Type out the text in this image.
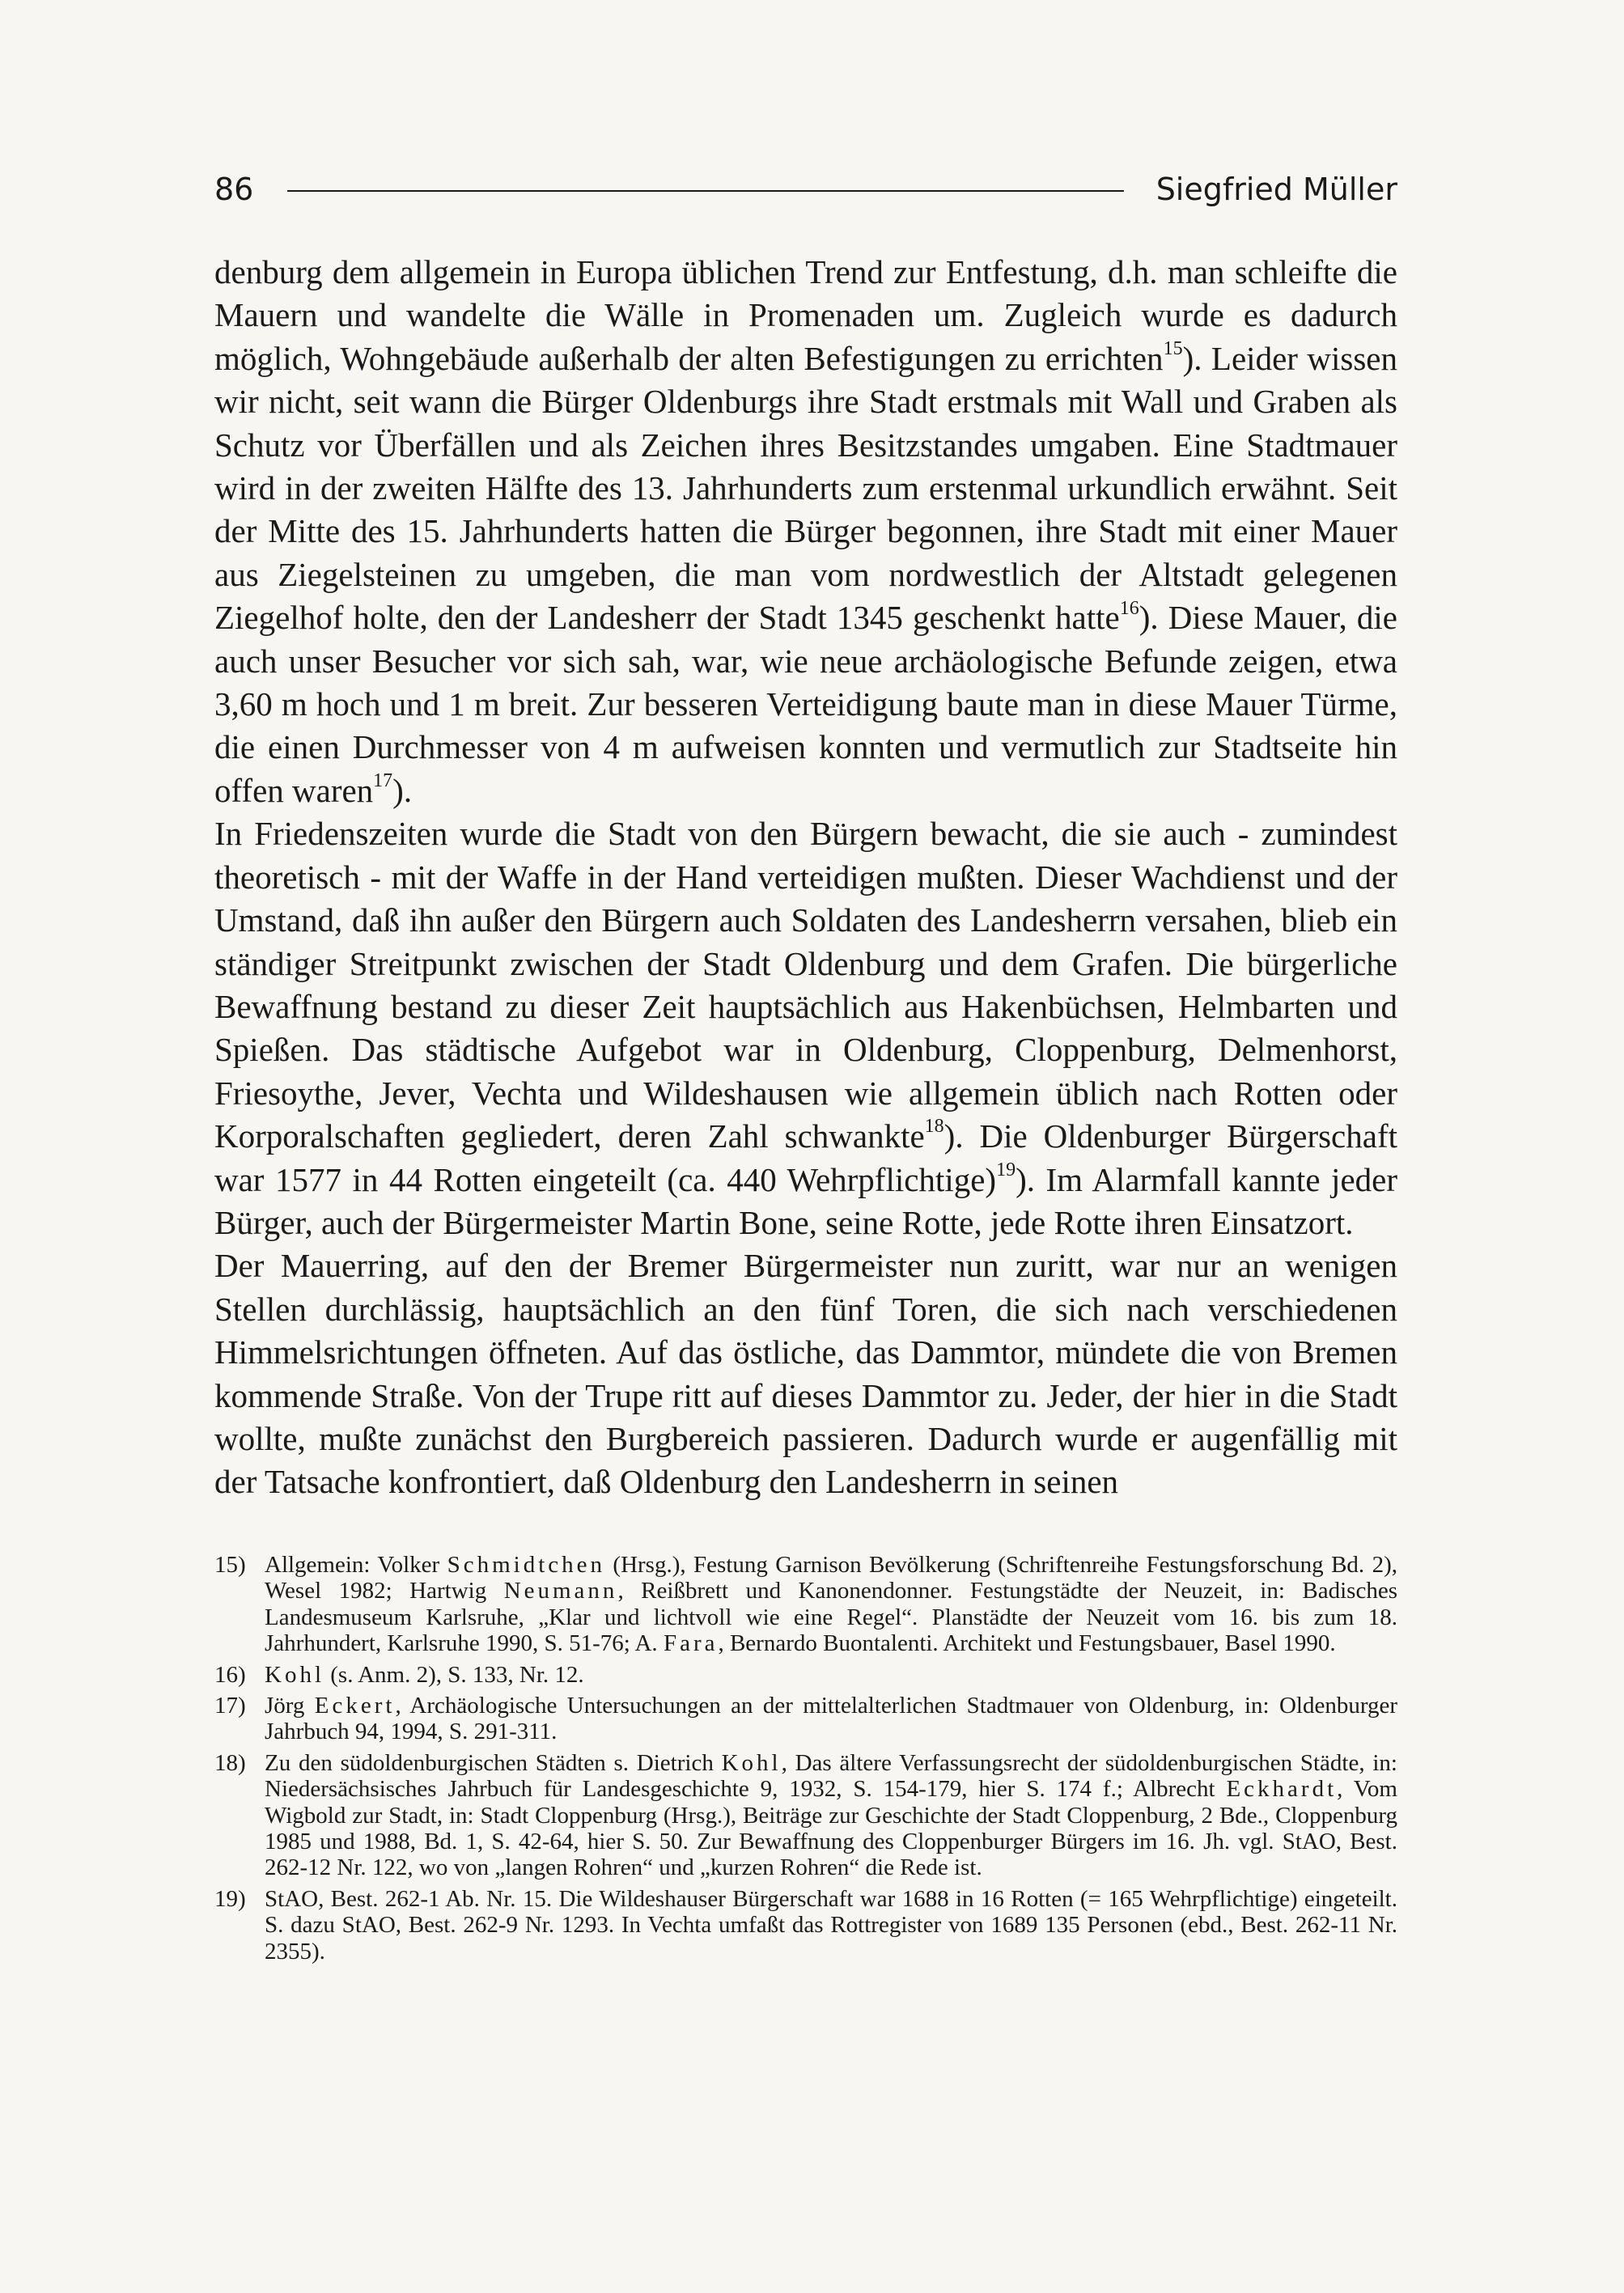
86	Siegfried Müller

denburg dem allgemein in Europa üblichen Trend zur Entfestung, d.h. man schleifte die Mauern und wandelte die Wälle in Promenaden um. Zugleich wurde es dadurch möglich, Wohngebäude außerhalb der alten Befestigungen zu errichten$^{15}$). Leider wissen wir nicht, seit wann die Bürger Oldenburgs ihre Stadt erstmals mit Wall und Graben als Schutz vor Überfällen und als Zeichen ihres Besitzstandes umgaben. Eine Stadtmauer wird in der zweiten Hälfte des 13. Jahrhunderts zum erstenmal urkundlich erwähnt. Seit der Mitte des 15. Jahrhunderts hatten die Bürger begonnen, ihre Stadt mit einer Mauer aus Ziegelsteinen zu umgeben, die man vom nordwestlich der Altstadt gelegenen Ziegelhof holte, den der Landesherr der Stadt 1345 geschenkt hatte$^{16}$). Diese Mauer, die auch unser Besucher vor sich sah, war, wie neue archäologische Befunde zeigen, etwa 3,60 m hoch und 1 m breit. Zur besseren Verteidigung baute man in diese Mauer Türme, die einen Durchmesser von 4 m aufweisen konnten und vermutlich zur Stadtseite hin offen waren$^{17}$).

In Friedenszeiten wurde die Stadt von den Bürgern bewacht, die sie auch - zumindest theoretisch - mit der Waffe in der Hand verteidigen mußten. Dieser Wachdienst und der Umstand, daß ihn außer den Bürgern auch Soldaten des Landesherrn versahen, blieb ein ständiger Streitpunkt zwischen der Stadt Oldenburg und dem Grafen. Die bürgerliche Bewaffnung bestand zu dieser Zeit hauptsächlich aus Hakenbüchsen, Helmbarten und Spießen. Das städtische Aufgebot war in Oldenburg, Cloppenburg, Delmenhorst, Friesoythe, Jever, Vechta und Wildeshausen wie allgemein üblich nach Rotten oder Korporalschaften gegliedert, deren Zahl schwankte$^{18}$). Die Oldenburger Bürgerschaft war 1577 in 44 Rotten eingeteilt (ca. 440 Wehrpflichtige)$^{19}$). Im Alarmfall kannte jeder Bürger, auch der Bürgermeister Martin Bone, seine Rotte, jede Rotte ihren Einsatzort.

Der Mauerring, auf den der Bremer Bürgermeister nun zuritt, war nur an wenigen Stellen durchlässig, hauptsächlich an den fünf Toren, die sich nach verschiedenen Himmelsrichtungen öffneten. Auf das östliche, das Dammtor, mündete die von Bremen kommende Straße. Von der Trupe ritt auf dieses Dammtor zu. Jeder, der hier in die Stadt wollte, mußte zunächst den Burgbereich passieren. Dadurch wurde er augenfällig mit der Tatsache konfrontiert, daß Oldenburg den Landesherrn in seinen

15) Allgemein: Volker Schmidtchen (Hrsg.), Festung Garnison Bevölkerung (Schriftenreihe Festungsforschung Bd. 2), Wesel 1982; Hartwig Neumann, Reißbrett und Kanonendonner. Festungstädte der Neuzeit, in: Badisches Landesmuseum Karlsruhe, „Klar und lichtvoll wie eine Regel“. Planstädte der Neuzeit vom 16. bis zum 18. Jahrhundert, Karlsruhe 1990, S. 51-76; A. Fara, Bernardo Buontalenti. Architekt und Festungsbauer, Basel 1990.
16) Kohl (s. Anm. 2), S. 133, Nr. 12.
17) Jörg Eckert, Archäologische Untersuchungen an der mittelalterlichen Stadtmauer von Oldenburg, in: Oldenburger Jahrbuch 94, 1994, S. 291-311.
18) Zu den südoldenburgischen Städten s. Dietrich Kohl, Das ältere Verfassungsrecht der südoldenburgischen Städte, in: Niedersächsisches Jahrbuch für Landesgeschichte 9, 1932, S. 154-179, hier S. 174 f.; Albrecht Eckhardt, Vom Wigbold zur Stadt, in: Stadt Cloppenburg (Hrsg.), Beiträge zur Geschichte der Stadt Cloppenburg, 2 Bde., Cloppenburg 1985 und 1988, Bd. 1, S. 42-64, hier S. 50. Zur Bewaffnung des Cloppenburger Bürgers im 16. Jh. vgl. StAO, Best. 262-12 Nr. 122, wo von „langen Rohren“ und „kurzen Rohren“ die Rede ist.
19) StAO, Best. 262-1 Ab. Nr. 15. Die Wildeshauser Bürgerschaft war 1688 in 16 Rotten (= 165 Wehrpflichtige) eingeteilt. S. dazu StAO, Best. 262-9 Nr. 1293. In Vechta umfaßt das Rottregister von 1689 135 Personen (ebd., Best. 262-11 Nr. 2355).
